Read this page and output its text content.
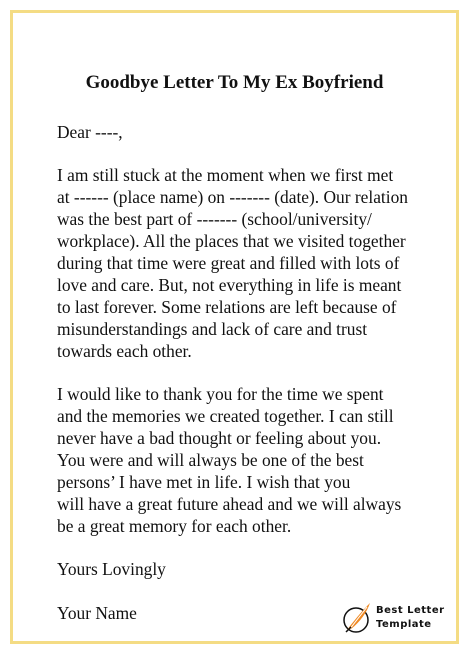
Goodbye Letter To My Ex Boyfriend

Dear ----,

I am still stuck at the moment when we first met

at ------ (place name) on ------- (date). Our relation

was the best part of ------- (school/university/

workplace). All the places that we visited together

during that time were great and filled with lots of

love and care. But, not everything in life is meant

to last forever. Some relations are left because of

misunderstandings and lack of care and trust

towards each other.

I would like to thank you for the time we spent

and the memories we created together. I can still

never have a bad thought or feeling about you.

You were and will always be one of the best

persons’ I have met in life. I wish that you

will have a great future ahead and we will always

be a great memory for each other.

Yours Lovingly

Your Name	Best Letter
Template
